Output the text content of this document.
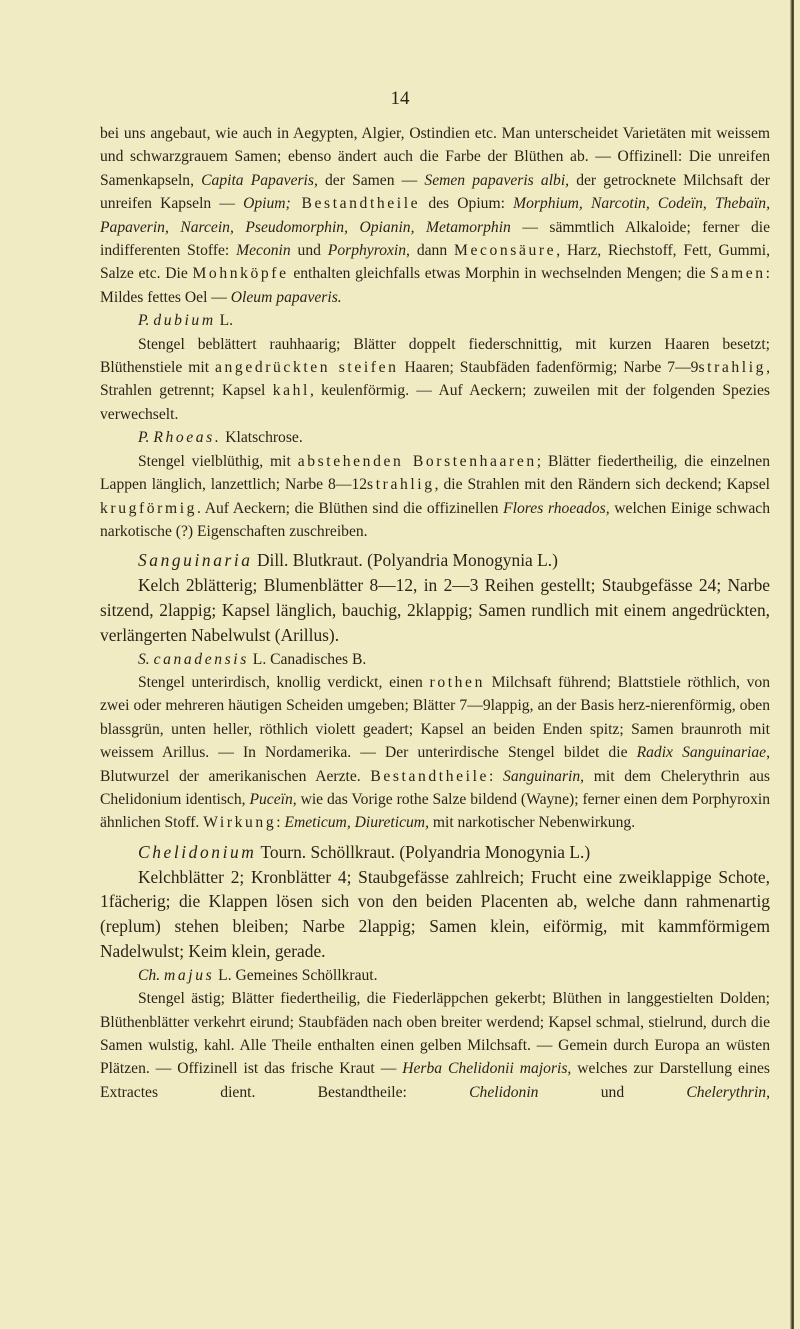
14

bei uns angebaut, wie auch in Aegypten, Algier, Ostindien etc. Man unterscheidet Varietäten mit weissem und schwarzgrauem Samen; ebenso ändert auch die Farbe der Blüthen ab. — Offizinell: Die unreifen Samenkapseln, Capita Papaveris, der Samen — Semen papaveris albi, der getrocknete Milchsaft der unreifen Kapseln — Opium; Bestandtheile des Opium: Morphium, Narcotin, Codeïn, Thebaïn, Papaverin, Narcein, Pseudomorphin, Opianin, Metamorphin — sämmtlich Alkaloide; ferner die indifferenten Stoffe: Meconin und Porphyroxin, dann Meconsäure, Harz, Riechstoff, Fett, Gummi, Salze etc. Die Mohnköpfe enthalten gleichfalls etwas Morphin in wechselnden Mengen; die Samen: Mildes fettes Oel — Oleum papaveris.

P. dubium L.

Stengel beblättert rauhhaarig; Blätter doppelt fiederschnittig, mit kurzen Haaren besetzt; Blüthenstiele mit angedrückten steifen Haaren; Staubfäden fadenförmig; Narbe 7—9strahlig, Strahlen getrennt; Kapsel kahl, keulenförmig. — Auf Aeckern; zuweilen mit der folgenden Spezies verwechselt.

P. Rhoeas. Klatschrose.

Stengel vielblüthig, mit abstehenden Borstenhaaren; Blätter fiedertheilig, die einzelnen Lappen länglich, lanzettlich; Narbe 8—12strahlig, die Strahlen mit den Rändern sich deckend; Kapsel krugförmig. Auf Aeckern; die Blüthen sind die offizinellen Flores rhoeados, welchen Einige schwach narkotische (?) Eigenschaften zuschreiben.

Sanguinaria Dill. Blutkraut. (Polyandria Monogynia L.)

Kelch 2blätterig; Blumenblätter 8—12, in 2—3 Reihen gestellt; Staubgefässe 24; Narbe sitzend, 2lappig; Kapsel länglich, bauchig, 2klappig; Samen rundlich mit einem angedrückten, verlängerten Nabelwulst (Arillus).

S. canadensis L. Canadisches B.

Stengel unterirdisch, knollig verdickt, einen rothen Milchsaft führend; Blattstiele röthlich, von zwei oder mehreren häutigen Scheiden umgeben; Blätter 7—9lappig, an der Basis herz-nierenförmig, oben blassgrün, unten heller, röthlich violett geadert; Kapsel an beiden Enden spitz; Samen braunroth mit weissem Arillus. — In Nordamerika. — Der unterirdische Stengel bildet die Radix Sanguinariae, Blutwurzel der amerikanischen Aerzte. Bestandtheile: Sanguinarin, mit dem Chelerythrin aus Chelidonium identisch, Puceïn, wie das Vorige rothe Salze bildend (Wayne); ferner einen dem Porphyroxin ähnlichen Stoff. Wirkung: Emeticum, Diureticum, mit narkotischer Nebenwirkung.

Chelidonium Tourn. Schöllkraut. (Polyandria Monogynia L.)

Kelchblätter 2; Kronblätter 4; Staubgefässe zahlreich; Frucht eine zweiklappige Schote, 1fächerig; die Klappen lösen sich von den beiden Placenten ab, welche dann rahmenartig (replum) stehen bleiben; Narbe 2lappig; Samen klein, eiförmig, mit kammförmigem Nadelwulst; Keim klein, gerade.

Ch. majus L. Gemeines Schöllkraut.

Stengel ästig; Blätter fiedertheilig, die Fiederläppchen gekerbt; Blüthen in langgestielten Dolden; Blüthenblätter verkehrt eirund; Staubfäden nach oben breiter werdend; Kapsel schmal, stielrund, durch die Samen wulstig, kahl. Alle Theile enthalten einen gelben Milchsaft. — Gemein durch Europa an wüsten Plätzen. — Offizinell ist das frische Kraut — Herba Chelidonii majoris, welches zur Darstellung eines Extractes dient. Bestandtheile: Chelidonin und Chelerythrin,
